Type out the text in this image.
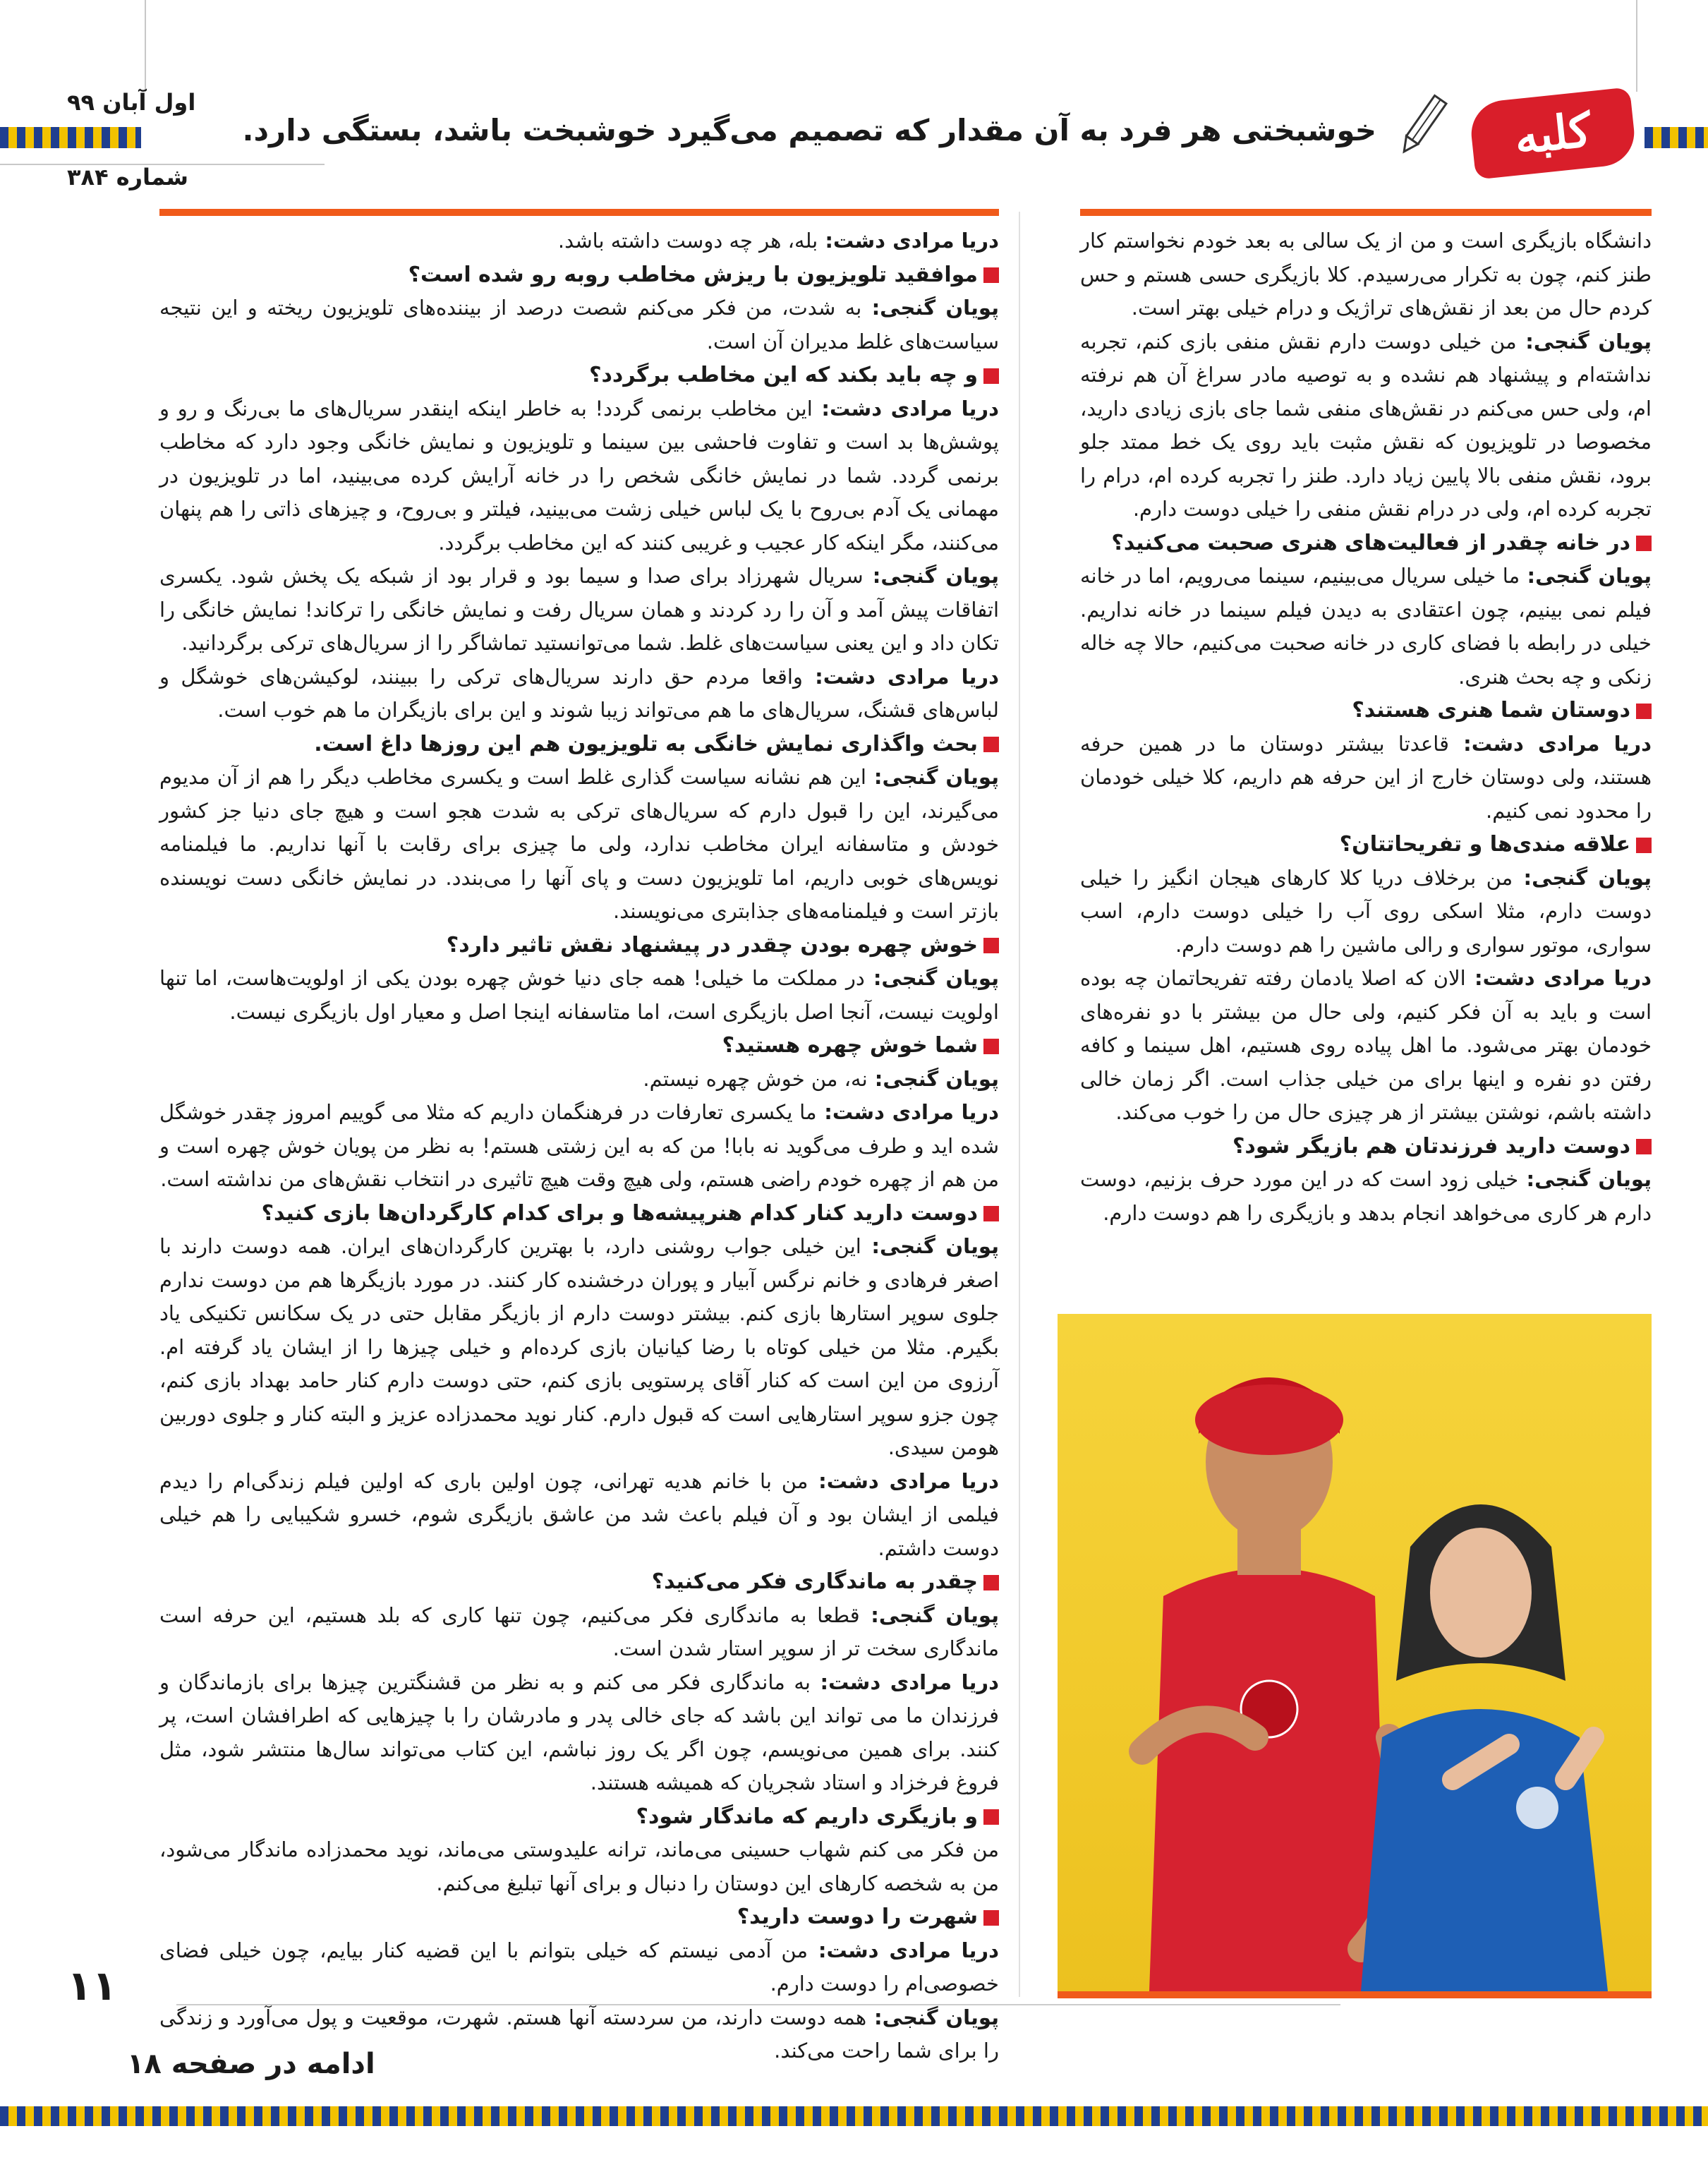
کلبه
خوشبختی هر فرد به آن مقدار که تصمیم می‌گیرد خوشبخت باشد، بستگی دارد.
اول آبان ۹۹
شماره ۳۸۴

دانشگاه بازیگری است و من از یک سالی به بعد خودم نخواستم کار طنز کنم، چون به تکرار می‌رسیدم. کلا بازیگری حسی هستم و حس کردم حال من بعد از نقش‌های تراژیک و درام خیلی بهتر است.

پویان گنجی: من خیلی دوست دارم نقش منفی بازی کنم، تجربه نداشته‌ام و پیشنهاد هم نشده و به توصیه مادر سراغ آن هم نرفته ام، ولی حس می‌کنم در نقش‌های منفی شما جای بازی زیادی دارید، مخصوصا در تلویزیون که نقش مثبت باید روی یک خط ممتد جلو برود، نقش منفی بالا پایین زیاد دارد. طنز را تجربه کرده ام، درام را تجربه کرده ام، ولی در درام نقش منفی را خیلی دوست دارم.

در خانه چقدر از فعالیت‌های هنری صحبت می‌کنید؟

پویان گنجی: ما خیلی سریال می‌بینیم، سینما می‌رویم، اما در خانه فیلم نمی بینیم، چون اعتقادی به دیدن فیلم سینما در خانه نداریم. خیلی در رابطه با فضای کاری در خانه صحبت می‌کنیم، حالا چه خاله زنکی و چه بحث هنری.

دوستان شما هنری هستند؟

دریا مرادی دشت: قاعدتا بیشتر دوستان ما در همین حرفه هستند، ولی دوستان خارج از این حرفه هم داریم، کلا خیلی خودمان را محدود نمی کنیم.

علاقه مندی‌ها و تفریحاتتان؟

پویان گنجی: من برخلاف دریا کلا کارهای هیجان انگیز را خیلی دوست دارم، مثلا اسکی روی آب را خیلی دوست دارم، اسب سواری، موتور سواری و رالی ماشین را هم دوست دارم.

دریا مرادی دشت: الان که اصلا یادمان رفته تفریحاتمان چه بوده است و باید به آن فکر کنیم، ولی حال من بیشتر با دو نفره‌های خودمان بهتر می‌شود. ما اهل پیاده روی هستیم، اهل سینما و کافه رفتن دو نفره و اینها برای من خیلی جذاب است. اگر زمان خالی داشته باشم، نوشتن بیشتر از هر چیزی حال من را خوب می‌کند.

دوست دارید فرزندتان هم بازیگر شود؟

پویان گنجی: خیلی زود است که در این مورد حرف بزنیم، دوست دارم هر کاری می‌خواهد انجام بدهد و بازیگری را هم دوست دارم.

دریا مرادی دشت: بله، هر چه دوست داشته باشد.

موافقید تلویزیون با ریزش مخاطب روبه رو شده است؟

پویان گنجی: به شدت، من فکر می‌کنم شصت درصد از بیننده‌های تلویزیون ریخته و این نتیجه سیاست‌های غلط مدیران آن است.

و چه باید بکند که این مخاطب برگردد؟

دریا مرادی دشت: این مخاطب برنمی گردد! به خاطر اینکه اینقدر سریال‌های ما بی‌رنگ و رو و پوشش‌ها بد است و تفاوت فاحشی بین سینما و تلویزیون و نمایش خانگی وجود دارد که مخاطب برنمی گردد. شما در نمایش خانگی شخص را در خانه آرایش کرده می‌بینید، اما در تلویزیون در مهمانی یک آدم بی‌روح با یک لباس خیلی زشت می‌بینید، فیلتر و بی‌روح، و چیزهای ذاتی را هم پنهان می‌کنند، مگر اینکه کار عجیب و غریبی کنند که این مخاطب برگردد.

پویان گنجی: سریال شهرزاد برای صدا و سیما بود و قرار بود از شبکه یک پخش شود. یکسری اتفاقات پیش آمد و آن را رد کردند و همان سریال رفت و نمایش خانگی را ترکاند! نمایش خانگی را تکان داد و این یعنی سیاست‌های غلط. شما می‌توانستید تماشاگر را از سریال‌های ترکی برگردانید.

دریا مرادی دشت: واقعا مردم حق دارند سریال‌های ترکی را ببینند، لوکیشن‌های خوشگل و لباس‌های قشنگ، سریال‌های ما هم می‌تواند زیبا شوند و این برای بازیگران ما هم خوب است.

بحث واگذاری نمایش خانگی به تلویزیون هم این روزها داغ است.

پویان گنجی: این هم نشانه سیاست گذاری غلط است و یکسری مخاطب دیگر را هم از آن مدیوم می‌گیرند، این را قبول دارم که سریال‌های ترکی به شدت هجو است و هیچ جای دنیا جز کشور خودش و متاسفانه ایران مخاطب ندارد، ولی ما چیزی برای رقابت با آنها نداریم. ما فیلمنامه نویس‌های خوبی داریم، اما تلویزیون دست و پای آنها را می‌بندد. در نمایش خانگی دست نویسنده بازتر است و فیلمنامه‌های جذابتری می‌نویسند.

خوش چهره بودن چقدر در پیشنهاد نقش تاثیر دارد؟

پویان گنجی: در مملکت ما خیلی! همه جای دنیا خوش چهره بودن یکی از اولویت‌هاست، اما تنها اولویت نیست، آنجا اصل بازیگری است، اما متاسفانه اینجا اصل و معیار اول بازیگری نیست.

شما خوش چهره هستید؟

پویان گنجی: نه، من خوش چهره نیستم.

دریا مرادی دشت: ما یکسری تعارفات در فرهنگمان داریم که مثلا می گوییم امروز چقدر خوشگل شده اید و طرف می‌گوید نه بابا! من که به این زشتی هستم! به نظر من پویان خوش چهره است و من هم از چهره خودم راضی هستم، ولی هیچ وقت هیچ تاثیری در انتخاب نقش‌های من نداشته است.

دوست دارید کنار کدام هنرپیشه‌ها و برای کدام کارگردان‌ها بازی کنید؟

پویان گنجی: این خیلی جواب روشنی دارد، با بهترین کارگردان‌های ایران. همه دوست دارند با اصغر فرهادی و خانم نرگس آبیار و پوران درخشنده کار کنند. در مورد بازیگرها هم من دوست ندارم جلوی سوپر استارها بازی کنم. بیشتر دوست دارم از بازیگر مقابل حتی در یک سکانس تکنیکی یاد بگیرم. مثلا من خیلی کوتاه با رضا کیانیان بازی کرده‌ام و خیلی چیزها را از ایشان یاد گرفته ام. آرزوی من این است که کنار آقای پرستویی بازی کنم، حتی دوست دارم کنار حامد بهداد بازی کنم، چون جزو سوپر استارهایی است که قبول دارم. کنار نوید محمدزاده عزیز و البته کنار و جلوی دوربین هومن سیدی.

دریا مرادی دشت: من با خانم هدیه تهرانی، چون اولین باری که اولین فیلم زندگی‌ام را دیدم فیلمی از ایشان بود و آن فیلم باعث شد من عاشق بازیگری شوم، خسرو شکیبایی را هم خیلی دوست داشتم.

چقدر به ماندگاری فکر می‌کنید؟

پویان گنجی: قطعا به ماندگاری فکر می‌کنیم، چون تنها کاری که بلد هستیم، این حرفه است ماندگاری سخت تر از سوپر استار شدن است.

دریا مرادی دشت: به ماندگاری فکر می کنم و به نظر من قشنگترین چیزها برای بازماندگان و فرزندان ما می تواند این باشد که جای خالی پدر و مادرشان را با چیزهایی که اطرافشان است، پر کنند. برای همین می‌نویسم، چون اگر یک روز نباشم، این کتاب می‌تواند سال‌ها منتشر شود، مثل فروغ فرخزاد و استاد شجریان که همیشه هستند.

و بازیگری داریم که ماندگار شود؟

من فکر می کنم شهاب حسینی می‌ماند، ترانه علیدوستی می‌ماند، نوید محمدزاده ماندگار می‌شود، من به شخصه کارهای این دوستان را دنبال و برای آنها تبلیغ می‌کنم.

شهرت را دوست دارید؟

دریا مرادی دشت: من آدمی نیستم که خیلی بتوانم با این قضیه کنار بیایم، چون خیلی فضای خصوصی‌ام را دوست دارم.

پویان گنجی: همه دوست دارند، من سردسته آنها هستم. شهرت، موقعیت و پول می‌آورد و زندگی را برای شما راحت می‌کند.

۱۱
ادامه در صفحه ۱۸
